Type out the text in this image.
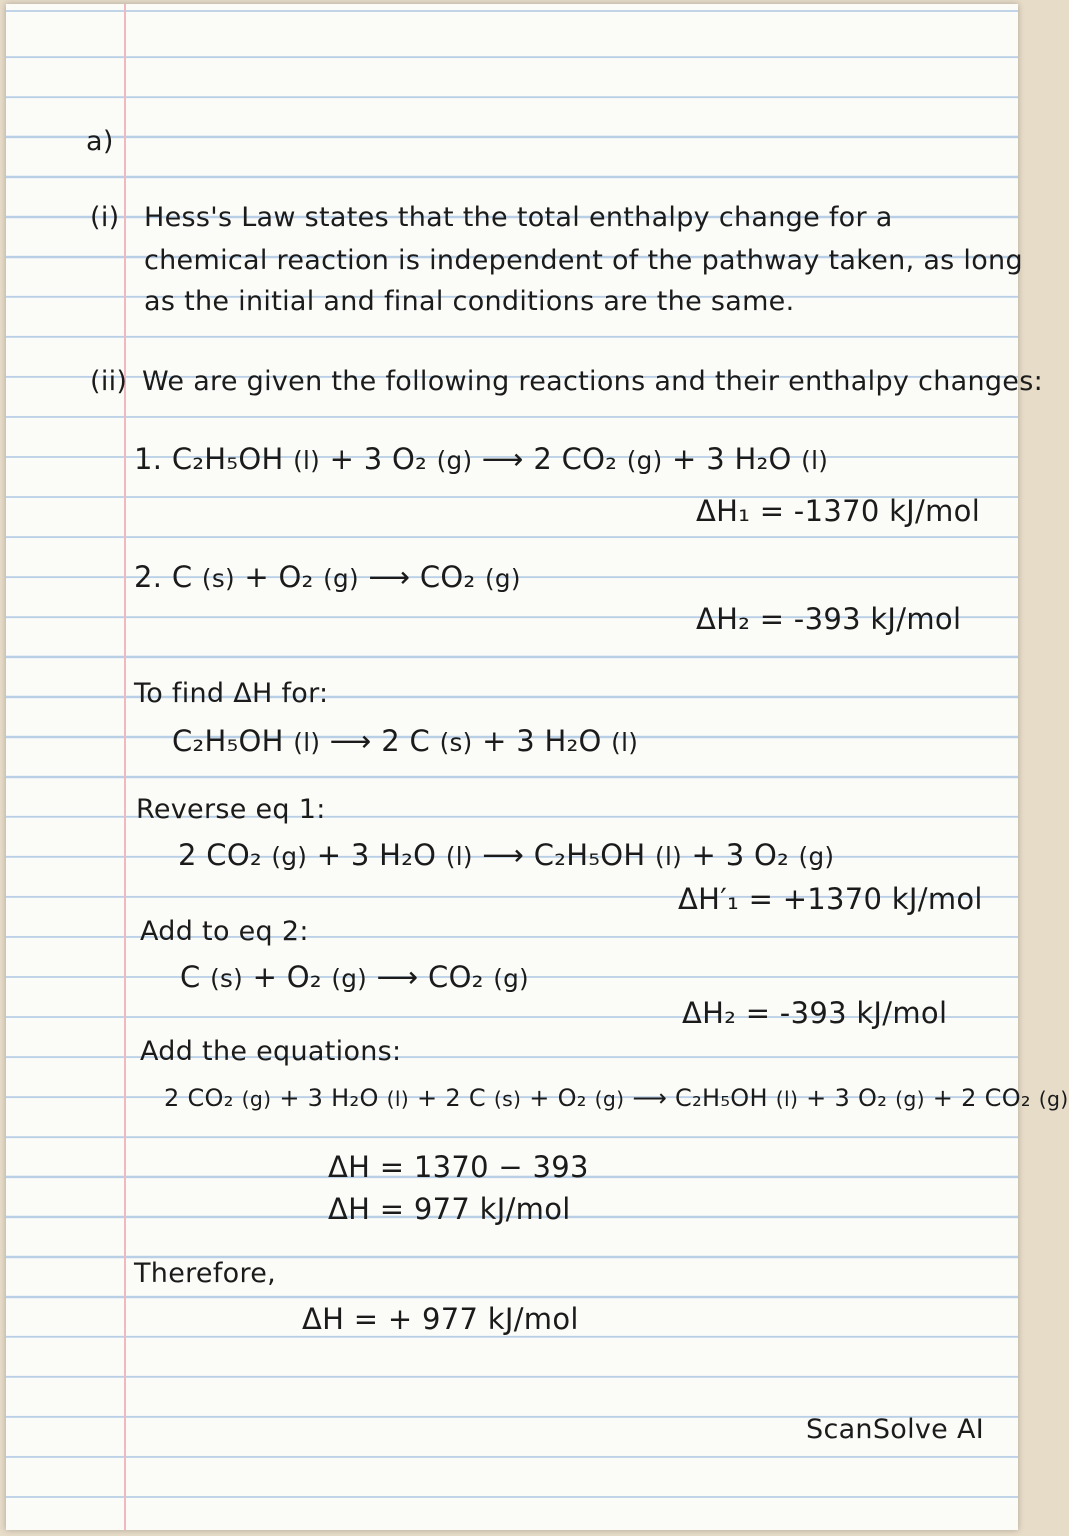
a)
(i) Hess's Law states that the total enthalpy change for a
chemical reaction is independent of the pathway taken, as long
as the initial and final conditions are the same.
(ii) We are given the following reactions and their enthalpy changes:
1. C₂H₅OH (l) + 3 O₂ (g) ⟶ 2 CO₂ (g) + 3 H₂O (l)
ΔH₁ = -1370 kJ/mol
2. C (s) + O₂ (g) ⟶ CO₂ (g)
ΔH₂ = -393 kJ/mol
To find ΔH for:
C₂H₅OH (l) ⟶ 2 C (s) + 3 H₂O (l)
Reverse eq 1:
2 CO₂ (g) + 3 H₂O (l) ⟶ C₂H₅OH (l) + 3 O₂ (g)
ΔH′₁ = +1370 kJ/mol
Add to eq 2:
C (s) + O₂ (g) ⟶ CO₂ (g)
ΔH₂ = -393 kJ/mol
Add the equations:
2 CO₂ (g) + 3 H₂O (l) + 2 C (s) + O₂ (g) ⟶ C₂H₅OH (l) + 3 O₂ (g) + 2 CO₂ (g)
ΔH = 1370 − 393
ΔH = 977 kJ/mol
Therefore,
ΔH = + 977 kJ/mol
ScanSolve AI
